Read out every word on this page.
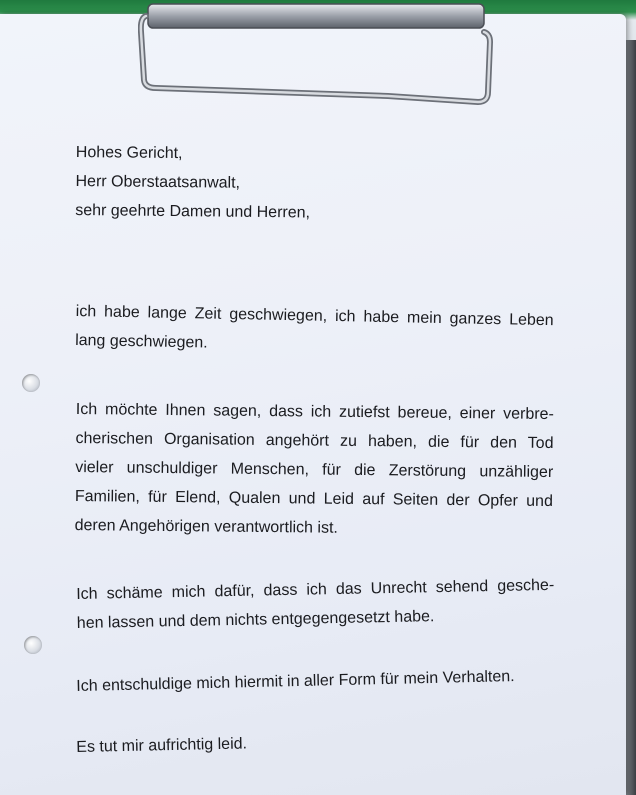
Hohes Gericht,
Herr Oberstaatsanwalt,
sehr geehrte Damen und Herren,
ich habe lange Zeit geschwiegen, ich habe mein ganzes Leben
lang geschwiegen.
Ich möchte Ihnen sagen, dass ich zutiefst bereue, einer verbre-
cherischen Organisation angehört zu haben, die für den Tod
vieler unschuldiger Menschen, für die Zerstörung unzähliger
Familien, für Elend, Qualen und Leid auf Seiten der Opfer und
deren Angehörigen verantwortlich ist.
Ich schäme mich dafür, dass ich das Unrecht sehend gesche-
hen lassen und dem nichts entgegengesetzt habe.
Ich entschuldige mich hiermit in aller Form für mein Verhalten.
Es tut mir aufrichtig leid.
